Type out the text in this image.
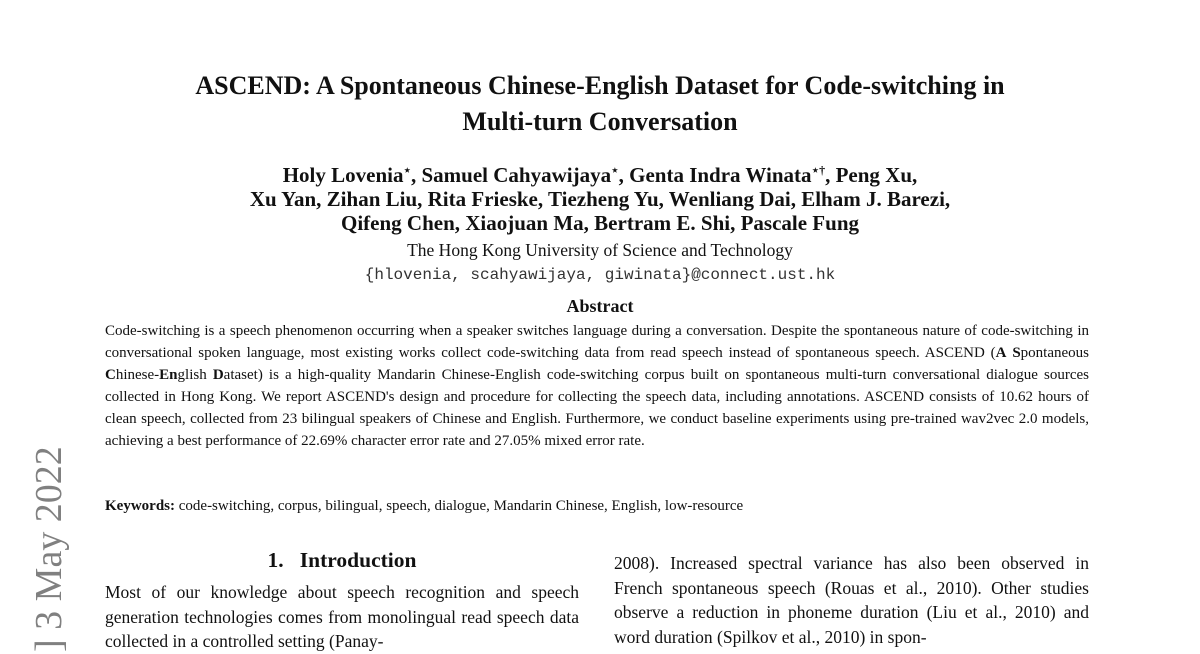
ASCEND: A Spontaneous Chinese-English Dataset for Code-switching in
Multi-turn Conversation
Holy Lovenia⋆, Samuel Cahyawijaya⋆, Genta Indra Winata⋆†, Peng Xu,
Xu Yan, Zihan Liu, Rita Frieske, Tiezheng Yu, Wenliang Dai, Elham J. Barezi,
Qifeng Chen, Xiaojuan Ma, Bertram E. Shi, Pascale Fung
The Hong Kong University of Science and Technology
{hlovenia, scahyawijaya, giwinata}@connect.ust.hk
Abstract

Code-switching is a speech phenomenon occurring when a speaker switches language during a conversation. Despite the spontaneous nature of code-switching in conversational spoken language, most existing works collect code-switching data from read speech instead of spontaneous speech. ASCEND (A Spontaneous Chinese-English Dataset) is a high-quality Mandarin Chinese-English code-switching corpus built on spontaneous multi-turn conversational dialogue sources collected in Hong Kong. We report ASCEND's design and procedure for collecting the speech data, including annotations. ASCEND consists of 10.62 hours of clean speech, collected from 23 bilingual speakers of Chinese and English. Furthermore, we conduct baseline experiments using pre-trained wav2vec 2.0 models, achieving a best performance of 22.69% character error rate and 27.05% mixed error rate.

Keywords: code-switching, corpus, bilingual, speech, dialogue, Mandarin Chinese, English, low-resource

1.   Introduction

Most of our knowledge about speech recognition and speech generation technologies comes from monolingual read speech data collected in a controlled setting (Panay-

2008). Increased spectral variance has also been observed in French spontaneous speech (Rouas et al., 2010). Other studies observe a reduction in phoneme duration (Liu et al., 2010) and word duration (Spilkov et al., 2010) in spon-

] 3 May 2022
